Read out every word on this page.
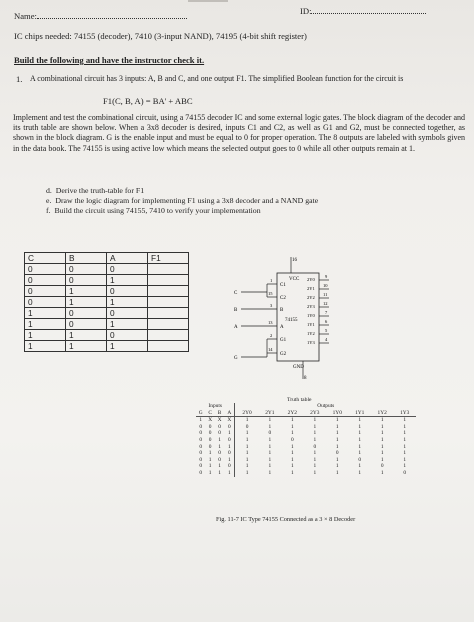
Name:	ID:
IC chips needed: 74155 (decoder), 7410 (3-input NAND), 74195 (4-bit shift register)
Build the following and have the instructor check it.
1. A combinational circuit has 3 inputs: A, B and C, and one output F1. The simplified Boolean function for the circuit is
F1(C, B, A) = BA' + ABC
Implement and test the combinational circuit, using a 74155 decoder IC and some external logic gates. The block diagram of the decoder and its truth table are shown below. When a 3x8 decoder is desired, inputs C1 and C2, as well as G1 and G2, must be connected together, as shown in the block diagram. G is the enable input and must be equal to 0 for proper operation. The 8 outputs are labeled with symbols given in the data book. The 74155 is using active low which means the selected output goes to 0 while all other outputs remain at 1.
d. Derive the truth-table for F1
e. Draw the logic diagram for implementing F1 using a 3x8 decoder and a NAND gate
f. Build the circuit using 74155, 7410 to verify your implementation
C	B	A	F1
0	0	0	
0	0	1	
0	1	0	
0	1	1	
1	0	0	
1	0	1	
1	1	0	
1	1	1	
16
VCC
GND
8
74155
1
C1
15
C2
C
3
B
B
13
A
A
2
G1
14
G2
G
2Y0
9
2Y1
10
2Y2
11
2Y3
12
1Y0
7
1Y1
6
1Y2
5
1Y3
4
Truth table
Inputs				Outputs							
G	C	B	A	2Y0	2Y1	2Y2	2Y3	1Y0	1Y1	1Y2	1Y3
1	X	X	X	1	1	1	1	1	1	1	1
0	0	0	0	0	1	1	1	1	1	1	1
0	0	0	1	1	0	1	1	1	1	1	1
0	0	1	0	1	1	0	1	1	1	1	1
0	0	1	1	1	1	1	0	1	1	1	1
0	1	0	0	1	1	1	1	0	1	1	1
0	1	0	1	1	1	1	1	1	0	1	1
0	1	1	0	1	1	1	1	1	1	0	1
0	1	1	1	1	1	1	1	1	1	1	0
Fig. 11-7 IC Type 74155 Connected as a 3 × 8 Decoder
